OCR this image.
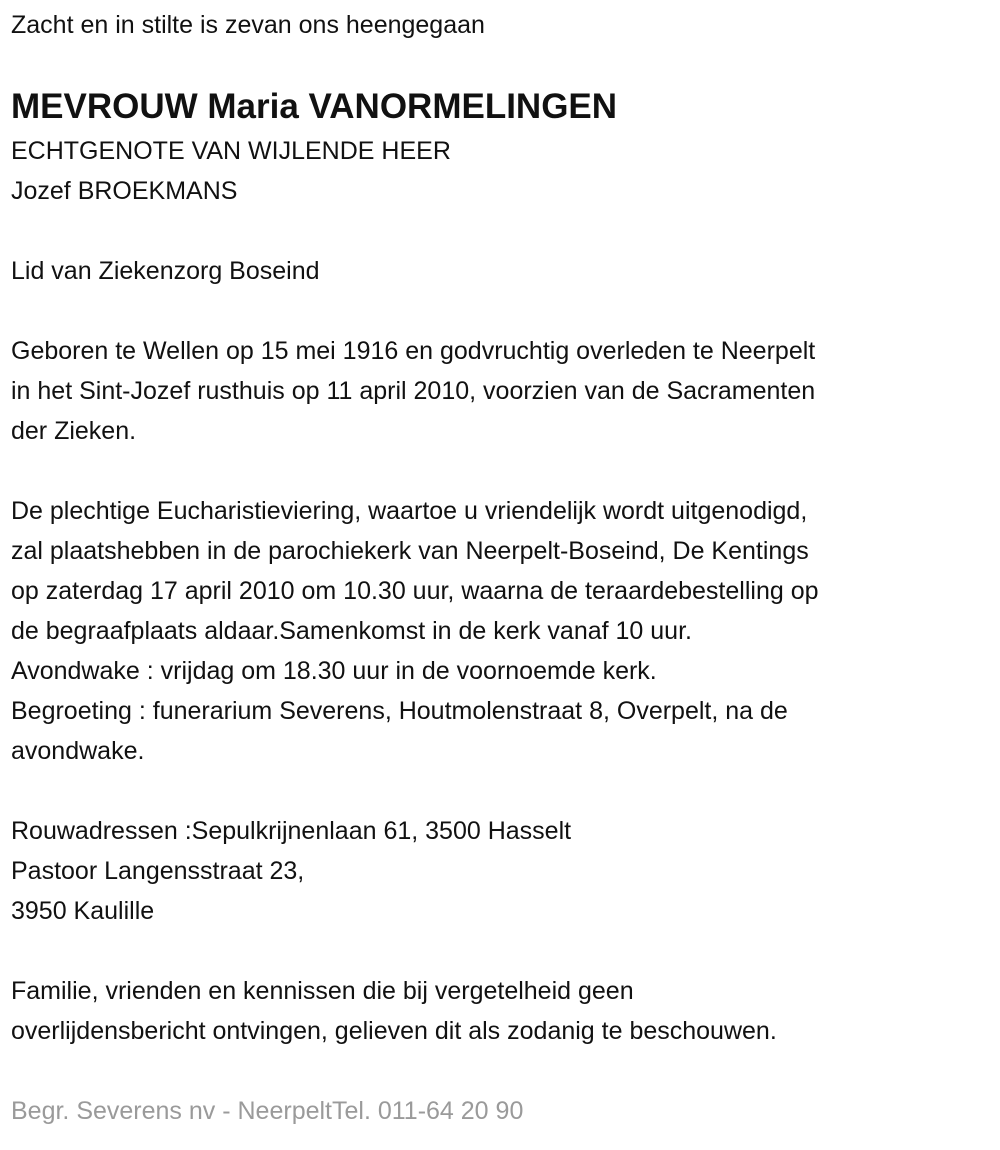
Zacht en in stilte is zevan ons heengegaan
MEVROUW Maria VANORMELINGEN
ECHTGENOTE VAN WIJLENDE HEER
Jozef BROEKMANS
Lid van Ziekenzorg Boseind
Geboren te Wellen op 15 mei 1916 en godvruchtig overleden te Neerpelt
in het Sint-Jozef rusthuis op 11 april 2010, voorzien van de Sacramenten
der Zieken.
De plechtige Eucharistieviering, waartoe u vriendelijk wordt uitgenodigd,
zal plaatshebben in de parochiekerk van Neerpelt-Boseind, De Kentings
op zaterdag 17 april 2010 om 10.30 uur, waarna de teraardebestelling op
de begraafplaats aldaar.Samenkomst in de kerk vanaf 10 uur.
Avondwake : vrijdag om 18.30 uur in de voornoemde kerk.
Begroeting : funerarium Severens, Houtmolenstraat 8, Overpelt, na de
avondwake.
Rouwadressen :Sepulkrijnenlaan 61, 3500 Hasselt
Pastoor Langensstraat 23,
3950 Kaulille
Familie, vrienden en kennissen die bij vergetelheid geen
overlijdensbericht ontvingen, gelieven dit als zodanig te beschouwen.
Begr. Severens nv - NeerpeltTel. 011-64 20 90
